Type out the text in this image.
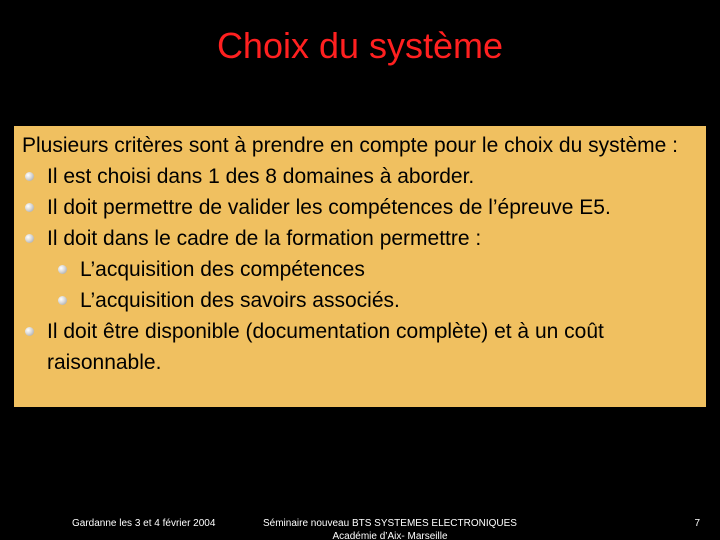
Choix du système

Plusieurs critères sont à prendre en compte pour le choix du système :

Il est choisi dans 1 des 8 domaines à aborder.

Il doit permettre de valider les compétences de l’épreuve E5.

Il doit dans le cadre de la formation permettre :

L’acquisition des compétences

L’acquisition des savoirs associés.

Il doit être disponible (documentation complète) et à un coût raisonnable.

Gardanne les 3 et 4 février 2004	Séminaire nouveau BTS SYSTEMES ELECTRONIQUES
Académie d’Aix- Marseille
7
